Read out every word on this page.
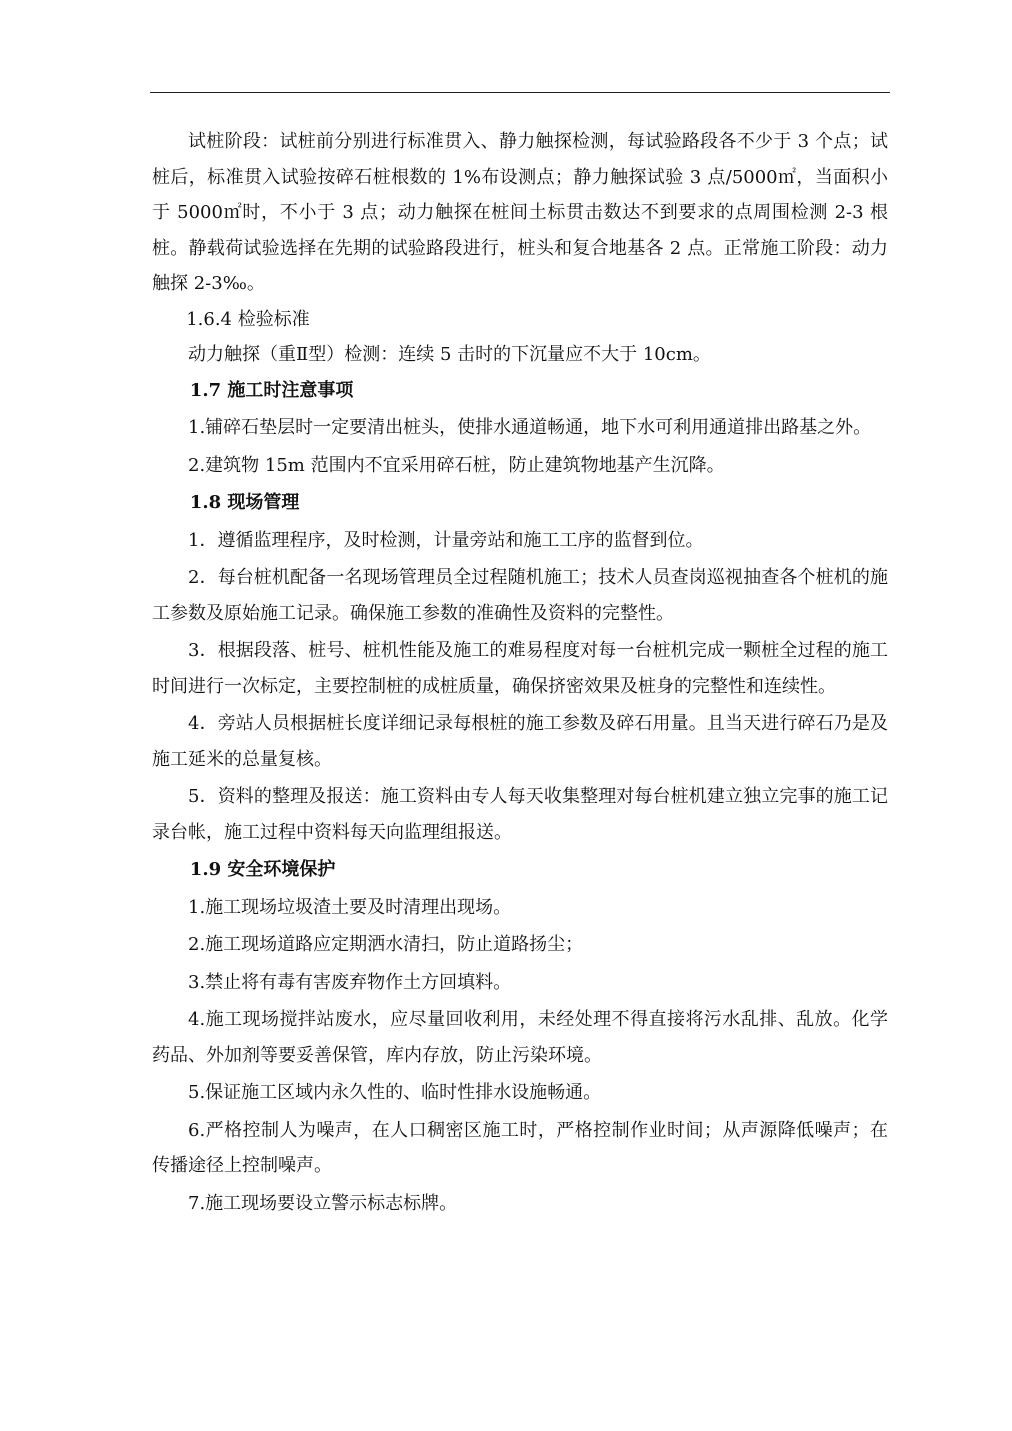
试桩阶段：试桩前分别进行标准贯入、静力触探检测，每试验路段各不少于 3 个点；试桩后，标准贯入试验按碎石桩根数的 1%布设测点；静力触探试验 3 点/5000㎡，当面积小于 5000㎡时，不小于 3 点；动力触探在桩间土标贯击数达不到要求的点周围检测 2-3 根桩。静载荷试验选择在先期的试验路段进行，桩头和复合地基各 2 点。正常施工阶段：动力触探 2-3‰。

1.6.4 检验标准

动力触探（重Ⅱ型）检测：连续 5 击时的下沉量应不大于 10cm。

1.7 施工时注意事项

1.铺碎石垫层时一定要清出桩头，使排水通道畅通，地下水可利用通道排出路基之外。

2.建筑物 15m 范围内不宜采用碎石桩，防止建筑物地基产生沉降。

1.8 现场管理

1．遵循监理程序，及时检测，计量旁站和施工工序的监督到位。

2．每台桩机配备一名现场管理员全过程随机施工；技术人员查岗巡视抽查各个桩机的施工参数及原始施工记录。确保施工参数的准确性及资料的完整性。

3．根据段落、桩号、桩机性能及施工的难易程度对每一台桩机完成一颗桩全过程的施工时间进行一次标定，主要控制桩的成桩质量，确保挤密效果及桩身的完整性和连续性。

4．旁站人员根据桩长度详细记录每根桩的施工参数及碎石用量。且当天进行碎石乃是及施工延米的总量复核。

5．资料的整理及报送：施工资料由专人每天收集整理对每台桩机建立独立完事的施工记录台帐，施工过程中资料每天向监理组报送。

1.9 安全环境保护

1.施工现场垃圾渣土要及时清理出现场。

2.施工现场道路应定期洒水清扫，防止道路扬尘；

3.禁止将有毒有害废弃物作土方回填料。

4.施工现场搅拌站废水，应尽量回收利用，未经处理不得直接将污水乱排、乱放。化学药品、外加剂等要妥善保管，库内存放，防止污染环境。

5.保证施工区域内永久性的、临时性排水设施畅通。

6.严格控制人为噪声，在人口稠密区施工时，严格控制作业时间；从声源降低噪声；在传播途径上控制噪声。

7.施工现场要设立警示标志标牌。
